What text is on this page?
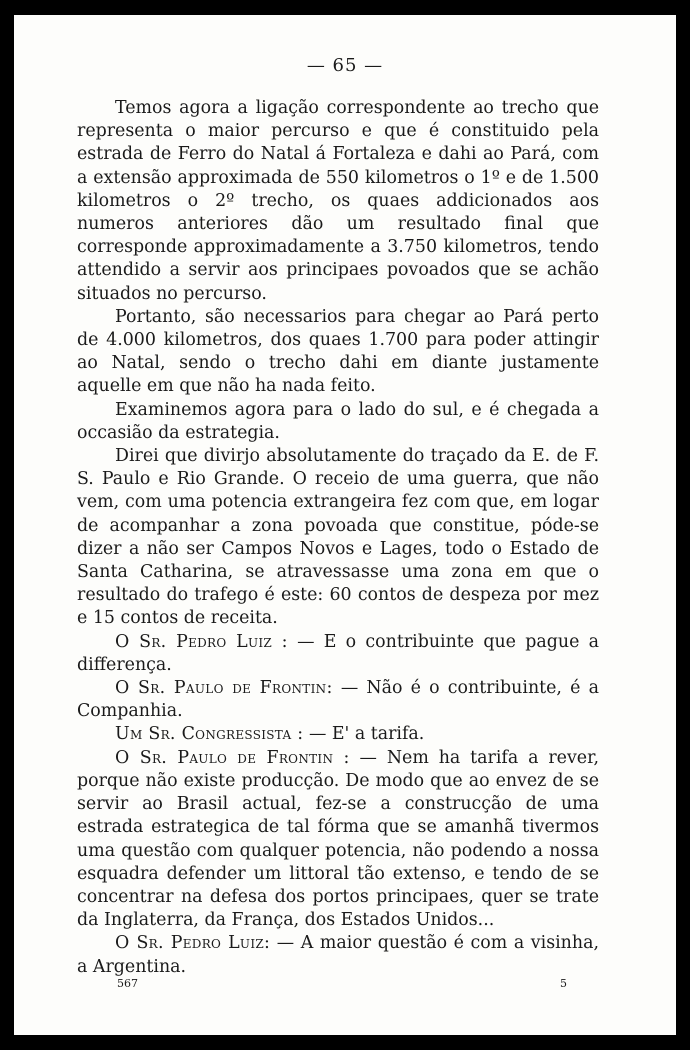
— 65 —

Temos agora a ligação correspondente ao trecho que representa o maior percurso e que é constituido pela estrada de Ferro do Natal á Fortaleza e dahi ao Pará, com a extensão approximada de 550 kilometros o 1º e de 1.500 kilometros o 2º trecho, os quaes addicionados aos numeros anteriores dão um resultado final que corresponde approximadamente a 3.750 kilometros, tendo attendido a servir aos principaes povoados que se achão situados no percurso.

Portanto, são necessarios para chegar ao Pará perto de 4.000 kilometros, dos quaes 1.700 para poder attingir ao Natal, sendo o trecho dahi em diante justamente aquelle em que não ha nada feito.

Examinemos agora para o lado do sul, e é chegada a occasião da estrategia.

Direi que divirjo absolutamente do traçado da E. de F. S. Paulo e Rio Grande. O receio de uma guerra, que não vem, com uma potencia extrangeira fez com que, em logar de acompanhar a zona povoada que constitue, póde-se dizer a não ser Campos Novos e Lages, todo o Estado de Santa Catharina, se atravessasse uma zona em que o resultado do trafego é este: 60 contos de despeza por mez e 15 contos de receita.

O Sr. Pedro Luiz : — E o contribuinte que pague a differença.

O Sr. Paulo de Frontin: — Não é o contribuinte, é a Companhia.

Um Sr. Congressista : — E' a tarifa.

O Sr. Paulo de Frontin : — Nem ha tarifa a rever, porque não existe producção. De modo que ao envez de se servir ao Brasil actual, fez-se a construcção de uma estrada estrategica de tal fórma que se amanhã tivermos uma questão com qualquer potencia, não podendo a nossa esquadra defender um littoral tão extenso, e tendo de se concentrar na defesa dos portos principaes, quer se trate da Inglaterra, da França, dos Estados Unidos...

O Sr. Pedro Luiz: — A maior questão é com a visinha, a Argentina.

567	5
